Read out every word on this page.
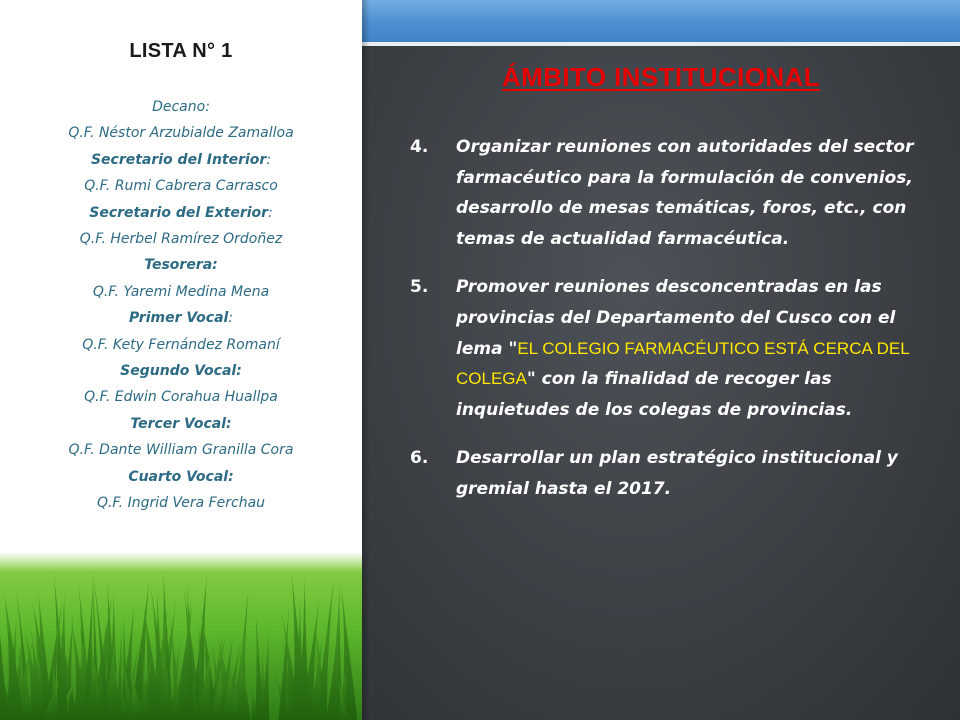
LISTA N° 1
Decano:
Q.F. Néstor Arzubialde Zamalloa
Secretario del Interior:
Q.F. Rumi Cabrera Carrasco
Secretario del Exterior:
Q.F. Herbel Ramírez Ordoñez
Tesorera:
Q.F. Yaremi Medina Mena
Primer Vocal:
Q.F. Kety Fernández Romaní
Segundo Vocal:
Q.F. Edwin Corahua Huallpa
Tercer Vocal:
Q.F. Dante William Granilla Cora
Cuarto Vocal:
Q.F. Ingrid Vera Ferchau
ÁMBITO INSTITUCIONAL
4. Organizar reuniones con autoridades del sector farmacéutico para la formulación de convenios, desarrollo de mesas temáticas, foros, etc., con temas de actualidad farmacéutica.
5. Promover reuniones desconcentradas en las provincias del Departamento del Cusco con el lema "EL COLEGIO FARMACÉUTICO ESTÁ CERCA DEL COLEGA" con la finalidad de recoger las inquietudes de los colegas de provincias.
6. Desarrollar un plan estratégico institucional y gremial hasta el 2017.
